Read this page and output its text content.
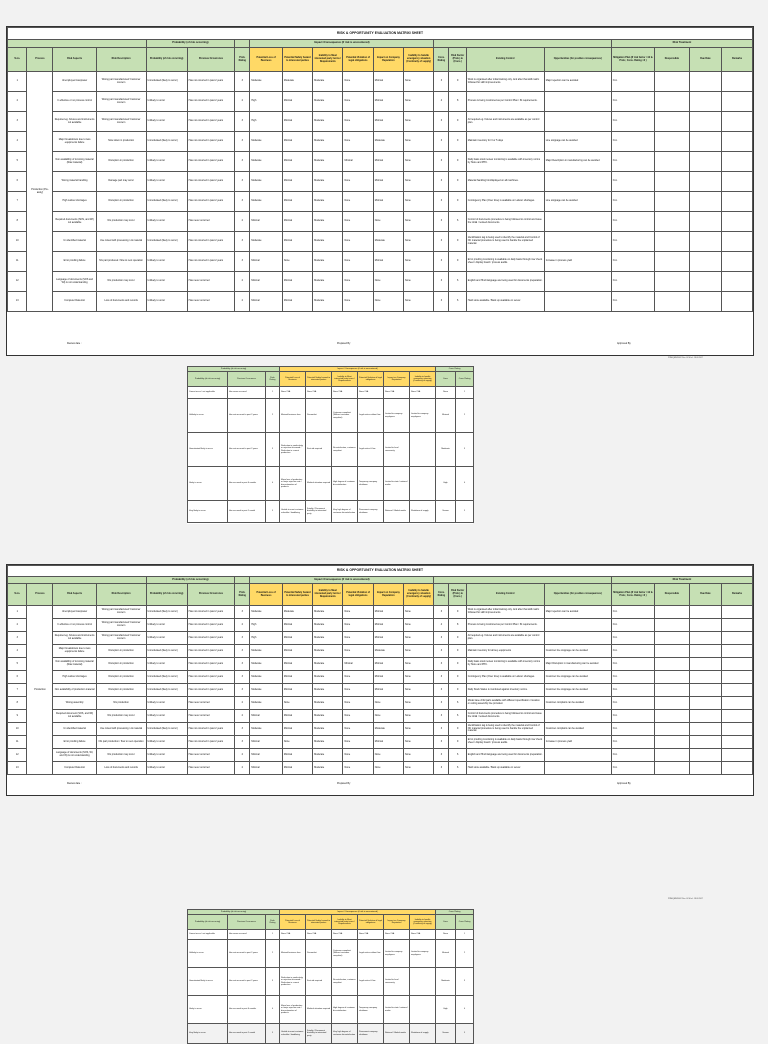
RISK & OPPORTUNITY EVALUATION MATRIX/ SHEET																				
				Probability (of risk occurring)			Impact /Consequence (if risk is encountered)										Risk Treatment			
S.no.	Process	Risk Aspects	Risk Description	Probability (of risk occurring)	Previous Occurrence	Prob. Rating	Potential Loss of Business	Potential Safety hazard to interested parties	Inability to Meet interested party terms / Requirements	Potential Violation of legal obligations	Impact on Company Reputation	Inability to handle emergency situation (Continuity of supply)	Cons. Rating	Risk Factor (Prob.) & (Cons.)	Existing Control	Opportunities (for positive consequences)	Mitigation Plan (If risk factor >12 & Prob.; Cons. Rating >3 )	Responsible	Due Date	Remarks
1	Production (Pre-assly)	Unemployed manpower	Wrong part manufactured/ Customer concern	Unmotivated (likely to occur)	Has not occurred in past 2 years	3	Moderate	Moderate	Moderate	None	Minimal	None	3	9	Work is organised after initial training only. And after that skill matrix followed for skill improvements.	Major rejection can be avoided	N.A.			
2		In effective or no process control	Wrong part manufactured/ Customer concern	Unlikely to occur	Has not occurred in past 2 years	2	High	Minimal	Moderate	None	Minimal	None	4	8	Process is being monitored as per Control Plan / IN requirements.		N.A.			
3		Required eg. fixtures and instruments not available	Wrong part manufactured/ Customer concern	Unlikely to occur	Has not occurred in past 2 years	3	High	Minimal	Moderate	None	Minimal	None	3	9	All required eg. fixtures and instruments are available as per control plan.		N.A.			
4		Major breakdowns due to less equipments failure	Slow down in production	Unmotivated (likely to occur)	Has not occurred in past 2 years	3	Moderate	Minimal	Moderate	None	Moderate	None	3	9	Maintain inventory for 3 or 5 days	Line stoppage can be avoided	N.A.			
5		Non availability of incoming material (Raw material)	Disruption in production	Unlikely to occur	Has not occurred in past 2 years	3	Moderate	Minimal	Moderate	Minimal	Minimal	None	3	9	Daily basis stock review monitoring is available with inventory norms by Store and PPC.	Major Description in manufacturing can be avoided	N.A.			
6		Wrong material handling	Damage part may occur	Unlikely to occur	Has not occurred in past 2 years	3	Moderate	Minimal	Moderate	None	Minimal	None	3	9	Material handling bin/displayed on all machines.		N.A.			
7		High Labour shortages	Disruption in production	Unmotivated (likely to occur)	Has not occurred in past 2 years	3	Moderate	Minimal	Moderate	None	Minimal	None	3	9	Contingency Plan (Over time) is available on Labour shortages.	Line stoppage can be avoided	N.A.			
8		Required documents (SOS, and WI) not available	NG production may occur	Unlikely to occur	Has never occurred	2	Minimal	Minimal	Moderate	None	None	None	3	6	Control of documents procedure is being followed to control and issue the initial / revised documents.		N.A.			
10		Un identified material	Use mixed with processing / ok material	Unmotivated (likely to occur)	Has not occurred in past 2 years	3	Moderate	Minimal	Moderate	None	Moderate	None	3	9	Identification tag is being used to identify the material and Control of NC material procedure is being used to handle the unplanned material.		N.A.			
11		Error proofing failure	NG part produced / flow to next operation	Unlikely to occur	Has not occurred in past 2 years	3	Minimal	None	Moderate	None	Minimal	None	3	9	Error proofing monitoring is available on daily basis through ma/ check sheet / display board / process audits.	Increase in process yield	N.A.			
12		Language of documents (SOS and WI) is not understanding	NG production may occur	Unlikely to occur	Has never occurred	2	Minimal	Minimal	Moderate	None	None	None	3	6	English and Hindi language are being used for documents preparation.		N.A.			
13		Computer Data lost	Loss of documents and records	Unlikely to occur	Has never occurred	2	Minimal	Minimal	Moderate	None	None	None	3	6	Hard store available / Back up available on server.		N.A.			
Review date :	Prepared By	Approved By
PRM/QMS/F/002 Rev. 00 W.e.f. 18.03.2017
Probability (of risk occurring)			Impact / Consequence (if risk is encountered)						Cons. Rating	
Probability (of risk occurring)	Previous Occurrence	Prob. Rating	Potential Loss of Business	Potential Safety hazard to interested parties	Inability to Meet interested party terms / Requirements	Potential Violation of legal obligations	Impact on Company Reputation	Inability to handle emergency situation (Continuity of supply)	Cons.	Cons. Rating
Cannot occur / not applicable	Has never occurred	1	None / NA	None / NA	None / NA	None / NA	None / NA	None / NA	None	1
Unlikely to occur	Has not occurred in past 2 years	2	Minimal business loss	Discomfort	Customer complaint (Without customer complaint)	Legal notice without fine	Limited to company employees	Limited to company employees	Minimal	2
Unmotivated likely to occur	Has not occurred in past 2 years	3	Reduction in productivity or rejection increased / Reduction in current production	First aid required	No satisfaction, customer complaint	Legal notice & fine	Limited to local community		Moderate	3
Likely to occur	Has occurred in past 6 months	4	Major loss of production or major rejection rate / discontinuation of products	Medical attention required	High degree of customer dis-satisfaction	Temporary company shutdown	Limited to state / national media		High	4
Very likely to occur	Has occurred in past 1 month	5	Unable to meet customer schedule / deadlining	Fatality / Permanent disability to interested party	Very high degree of customer dis-satisfaction	Permanent company shutdown	National / Global media	Shutdown of supply	Severe	5
RISK & OPPORTUNITY EVALUATION MATRIX/ SHEET																				
				Probability (of risk occurring)			Impact /Consequence (if risk is encountered)										Risk Treatment			
S.no.	Process	Risk Aspects	Risk Description	Probability (of risk occurring)	Previous Occurrence	Prob. Rating	Potential Loss of Business	Potential Safety hazard to interested parties	Inability to Meet interested party terms / Requirements	Potential Violation of legal obligations	Impact on Company Reputation	Inability to handle emergency situation (Continuity of supply)	Cons. Rating	Risk Factor (Prob.) & (Cons.)	Existing Control	Opportunities (for positive consequences)	Mitigation Plan (If risk factor >12 & Prob.; Cons. Rating >3 )	Responsible	Due Date	Remarks
1	Production	Unemployed manpower	Wrong part manufactured/ Customer concern	Unmotivated (likely to occur)	Has not occurred in past 2 years	3	Moderate	Moderate	Moderate	None	Minimal	None	3	9	Work is organised after initial training only. And after that skill matrix followed for skill improvements.	Major rejection can be avoided	N.A.			
2		In effective or no process control	Wrong part manufactured/ Customer concern	Unlikely to occur	Has not occurred in past 2 years	2	High	Minimal	Moderate	None	Minimal	None	4	8	Process is being monitored as per Control Plan / IN requirements.		N.A.			
3		Required eg. fixtures and instruments not available	Wrong part manufactured/ Customer concern	Unlikely to occur	Has not occurred in past 2 years	3	High	Minimal	Moderate	None	Minimal	None	3	9	All required eg. fixtures and instruments are available as per control plan.		N.A.			
4		Major breakdowns due to less equipments failure	Disruption in production	Unmotivated (likely to occur)	Has not occurred in past 2 years	3	Moderate	Minimal	Moderate	None	Moderate	None	3	9	Maintain inventory for all key equipments	Customer line stoppage can be avoided	N.A.			
5		Non availability of incoming material (Raw material)	Disruption in production	Unlikely to occur	Has not occurred in past 2 years	3	Moderate	Minimal	Moderate	Minimal	Minimal	None	3	9	Daily basis stock review monitoring is available with inventory norms by Store and PPC.	Major Disruption in manufacturing can be avoided	N.A.			
6		High Labour shortages	Disruption in production	Unmotivated (likely to occur)	Has not occurred in past 2 years	3	Moderate	Minimal	Moderate	None	Minimal	None	3	9	Contingency Plan (Over time) is available on Labour shortages.	Customer line stoppage can be avoided	N.A.			
7		Non availability of production material	Disruption in production	Unmotivated (likely to occur)	Has not occurred in past 2 years	3	Moderate	Minimal	Moderate	None	Minimal	None	3	9	Daily Stock Status is monitored against inventory norms.	Customer line stoppage can be avoided	N.A.			
8		Wrong assembly	NG production	Unlikely to occur	Has never occurred	2	Moderate	None	Moderate	None	None	None	3	6	Model wise child parts available with different specification / location on wiring assembly line provided.	Customer complaint can be avoided	N.A.			
9		Required document (SOS, and WI) not available	NG production may occur	Unlikely to occur	Has never occurred	2	Minimal	Minimal	Moderate	None	None	None	3	6	Control of documents procedure is being followed to control and issue the initial / revised documents.		N.A.			
10		Un identified material	Use mixed with processing / ok material	Unmotivated (likely to occur)	Has not occurred in past 2 years	3	Moderate	Minimal	Moderate	None	Moderate	None	3	9	Identification tag is being used to identify the material and Control of NC material procedure is being used to handle the unplanned material.	Customer complaint can be avoided	N.A.			
11		Error proofing failure	NG part production / flow to next operation	Unlikely to occur	Has not occurred in past 2 years	3	Minimal	None	Moderate	None	Minimal	None	3	9	Error proofing monitoring is available on daily basis through ma/ check sheet / display board / process audits.	Increase in process yield	N.A.			
12		Language of documents (SOS, WI, and IN) is not understanding	NG production may occur	Unlikely to occur	Has never occurred	2	Minimal	Minimal	Moderate	None	None	None	3	6	English and Hindi language are being used for documents preparation.		N.A.			
13		Computer Data lost	Loss of documents and records	Unlikely to occur	Has never occurred	2	Minimal	Minimal	Moderate	None	None	None	3	6	Hard store available / Back up available on server.		N.A.			
Review date :	Prepared By	Approved By
PRM/QMS/F/002 Rev. 00 W.e.f. 18.03.2017
Probability (of risk occurring)			Impact / Consequence (if risk is encountered)						Cons. Rating	
Probability (of risk occurring)	Previous Occurrence	Prob. Rating	Potential Loss of Business	Potential Safety hazard to interested parties	Inability to Meet interested party terms / Requirements	Potential Violation of legal obligations	Impact on Company Reputation	Inability to handle emergency situation (Continuity of supply)	Cons.	Cons. Rating
Cannot occur / not applicable	Has never occurred	1	None / NA	None / NA	None / NA	None / NA	None / NA	None / NA	None	1
Unlikely to occur	Has not occurred in past 2 years	2	Minimal business loss	Discomfort	Customer complaint (Without customer complaint)	Legal notice without fine	Limited to company employees	Limited to company employees	Minimal	2
Unmotivated likely to occur	Has not occurred in past 2 years	3	Reduction in productivity or rejection increased / Reduction in current production	First aid required	No satisfaction, customer complaint	Legal notice & fine	Limited to local community		Moderate	3
Likely to occur	Has occurred in past 6 months	4	Major loss of production or major rejection rate / discontinuation of products	Medical attention required	High degree of customer dis-satisfaction	Temporary company shutdown	Limited to state / national media		High	4
Very likely to occur	Has occurred in past 1 month	5	Unable to meet customer schedule / deadlining	Fatality / Permanent disability to interested party	Very high degree of customer dis-satisfaction	Permanent company shutdown	National / Global media	Shutdown of supply	Severe	5
